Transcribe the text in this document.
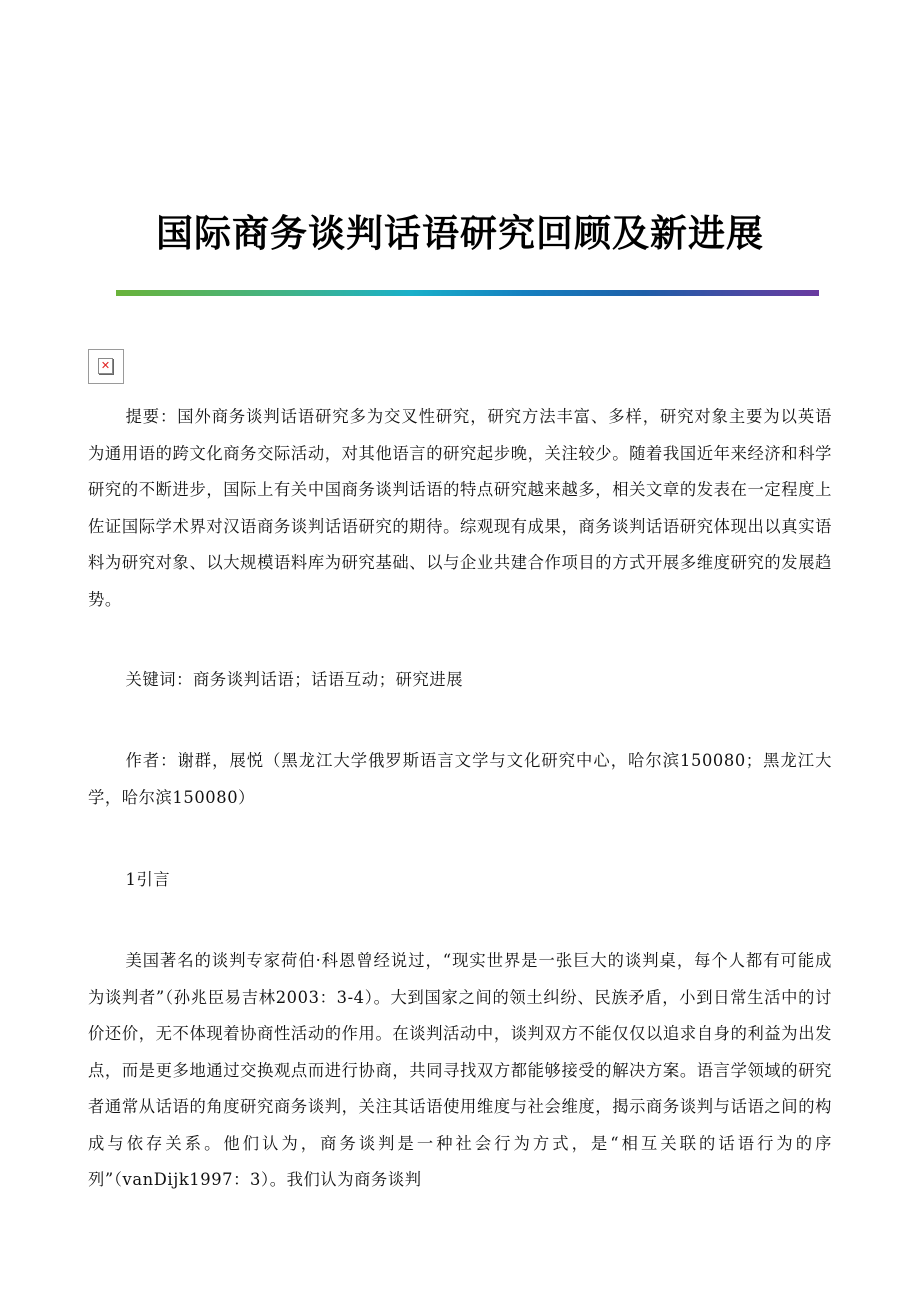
国际商务谈判话语研究回顾及新进展
✕

提要：国外商务谈判话语研究多为交叉性研究，研究方法丰富、多样，研究对象主要为以英语为通用语的跨文化商务交际活动，对其他语言的研究起步晚，关注较少。随着我国近年来经济和科学研究的不断进步，国际上有关中国商务谈判话语的特点研究越来越多，相关文章的发表在一定程度上佐证国际学术界对汉语商务谈判话语研究的期待。综观现有成果，商务谈判话语研究体现出以真实语料为研究对象、以大规模语料库为研究基础、以与企业共建合作项目的方式开展多维度研究的发展趋势。

关键词：商务谈判话语；话语互动；研究进展

作者：谢群，展悦（黑龙江大学俄罗斯语言文学与文化研究中心，哈尔滨150080；黑龙江大学，哈尔滨150080）

1引言

美国著名的谈判专家荷伯·科恩曾经说过，“现实世界是一张巨大的谈判桌，每个人都有可能成为谈判者”（孙兆臣易吉林2003：3-4）。大到国家之间的领土纠纷、民族矛盾，小到日常生活中的讨价还价，无不体现着协商性活动的作用。在谈判活动中，谈判双方不能仅仅以追求自身的利益为出发点，而是更多地通过交换观点而进行协商，共同寻找双方都能够接受的解决方案。语言学领域的研究者通常从话语的角度研究商务谈判，关注其话语使用维度与社会维度，揭示商务谈判与话语之间的构成与依存关系。他们认为，商务谈判是一种社会行为方式，是“相互关联的话语行为的序列”（vanDijk1997：3）。我们认为商务谈判
